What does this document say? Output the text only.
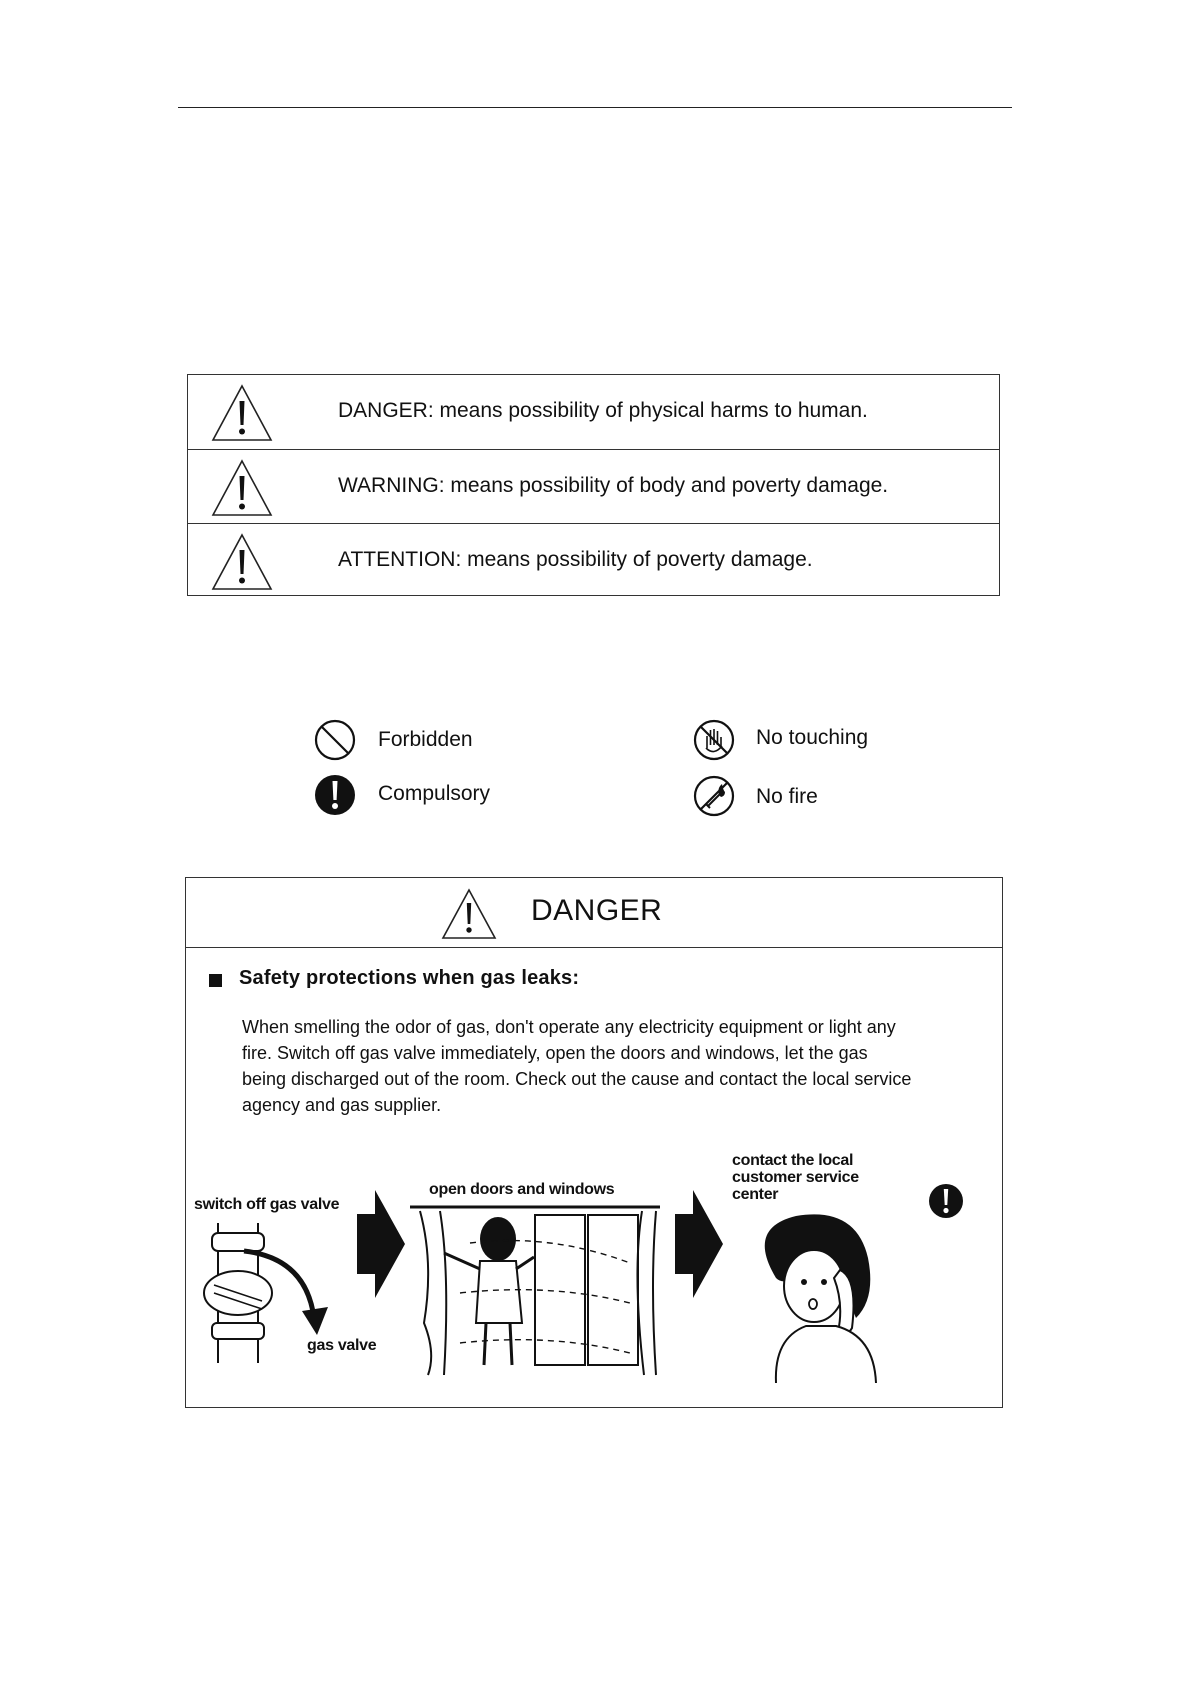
DANGER: means possibility of physical harms to human.
WARNING: means possibility of body and poverty damage.
ATTENTION: means possibility of poverty damage.
Forbidden
Compulsory
No touching
No fire
DANGER
Safety protections when gas leaks:
When smelling the odor of gas, don't operate any electricity equipment or light any
fire. Switch off gas valve immediately, open the doors and windows, let the gas
being discharged out of the room. Check out the cause and contact the local service
agency and gas supplier.
switch off gas valve
gas valve
open doors and windows
contact the local
customer service
center
